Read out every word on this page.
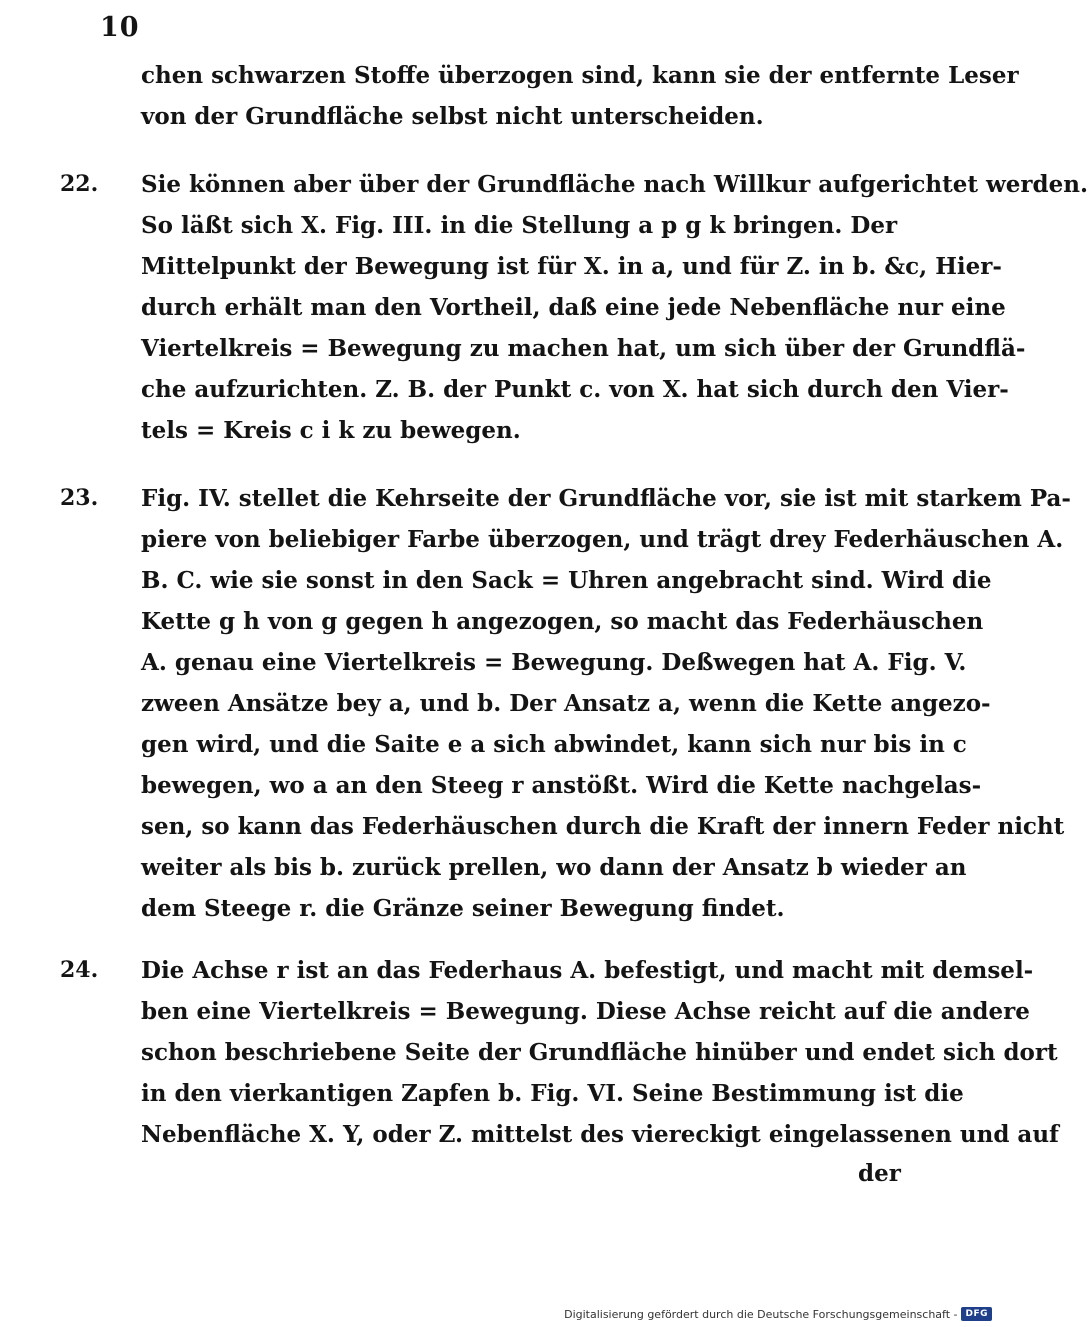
10
chen schwarzen Stoffe überzogen sind, kann sie der entfernte Leser
von der Grundfläche selbst nicht unterscheiden.
22.	Sie können aber über der Grundfläche nach Willkur aufgerichtet werden.
So läßt sich X. Fig. III. in die Stellung a p g k bringen. Der
Mittelpunkt der Bewegung ist für X. in a, und für Z. in b. &c, Hier-
durch erhält man den Vortheil, daß eine jede Nebenfläche nur eine
Viertelkreis = Bewegung zu machen hat, um sich über der Grundflä-
che aufzurichten. Z. B. der Punkt c. von X. hat sich durch den Vier-
tels = Kreis c i k zu bewegen.
23.	Fig. IV. stellet die Kehrseite der Grundfläche vor, sie ist mit starkem Pa-
piere von beliebiger Farbe überzogen, und trägt drey Federhäuschen A.
B. C. wie sie sonst in den Sack = Uhren angebracht sind. Wird die
Kette g h von g gegen h angezogen, so macht das Federhäuschen
A. genau eine Viertelkreis = Bewegung. Deßwegen hat A. Fig. V.
zween Ansätze bey a, und b. Der Ansatz a, wenn die Kette angezo-
gen wird, und die Saite e a sich abwindet, kann sich nur bis in c
bewegen, wo a an den Steeg r anstößt. Wird die Kette nachgelas-
sen, so kann das Federhäuschen durch die Kraft der innern Feder nicht
weiter als bis b. zurück prellen, wo dann der Ansatz b wieder an
dem Steege r. die Gränze seiner Bewegung findet.
24.	Die Achse r ist an das Federhaus A. befestigt, und macht mit demsel-
ben eine Viertelkreis = Bewegung. Diese Achse reicht auf die andere
schon beschriebene Seite der Grundfläche hinüber und endet sich dort
in den vierkantigen Zapfen b. Fig. VI. Seine Bestimmung ist die
Nebenfläche X. Y, oder Z. mittelst des viereckigt eingelassenen und auf
der
Digitalisierung gefördert durch die Deutsche Forschungsgemeinschaft - DFG
